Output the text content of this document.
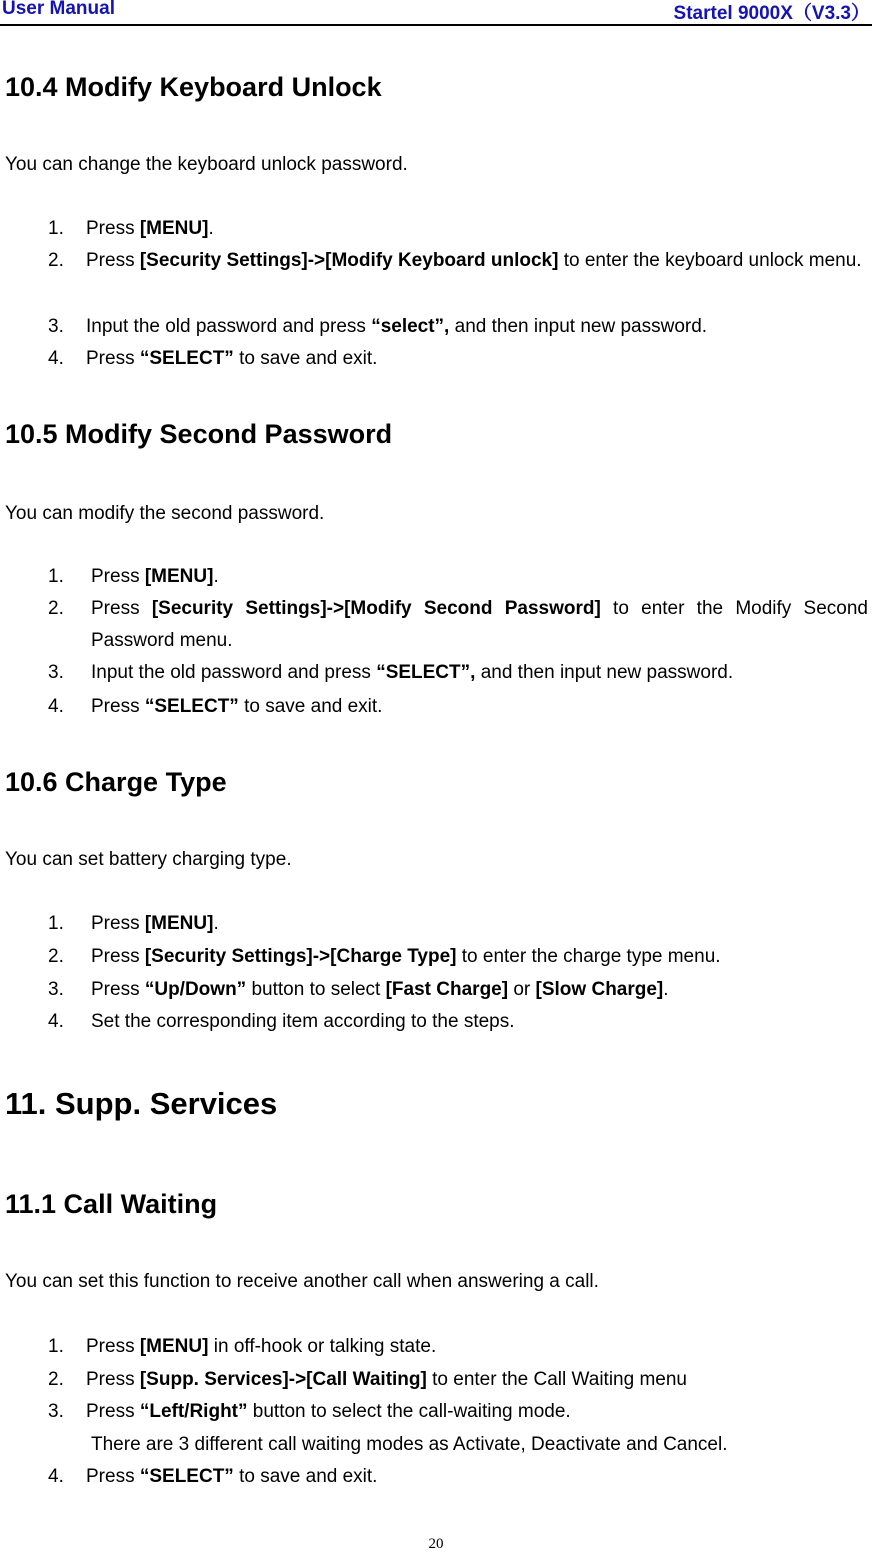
User Manual	Startel 9000X（V3.3）
10.4 Modify Keyboard Unlock
You can change the keyboard unlock password.
1. Press [MENU].
2. Press [Security Settings]->[Modify Keyboard unlock] to enter the keyboard unlock menu.
3. Input the old password and press “select”, and then input new password.
4. Press “SELECT” to save and exit.
10.5 Modify Second Password
You can modify the second password.
1. Press [MENU].
2. Press [Security Settings]->[Modify Second Password] to enter the Modify Second Password menu.
3. Input the old password and press “SELECT”, and then input new password.
4. Press “SELECT” to save and exit.
10.6 Charge Type
You can set battery charging type.
1. Press [MENU].
2. Press [Security Settings]->[Charge Type] to enter the charge type menu.
3. Press “Up/Down” button to select [Fast Charge] or [Slow Charge].
4. Set the corresponding item according to the steps.
11. Supp. Services
11.1 Call Waiting
You can set this function to receive another call when answering a call.
1. Press [MENU] in off-hook or talking state.
2. Press [Supp. Services]->[Call Waiting] to enter the Call Waiting menu
3. Press “Left/Right” button to select the call-waiting mode.
There are 3 different call waiting modes as Activate, Deactivate and Cancel.
4. Press “SELECT” to save and exit.
20
